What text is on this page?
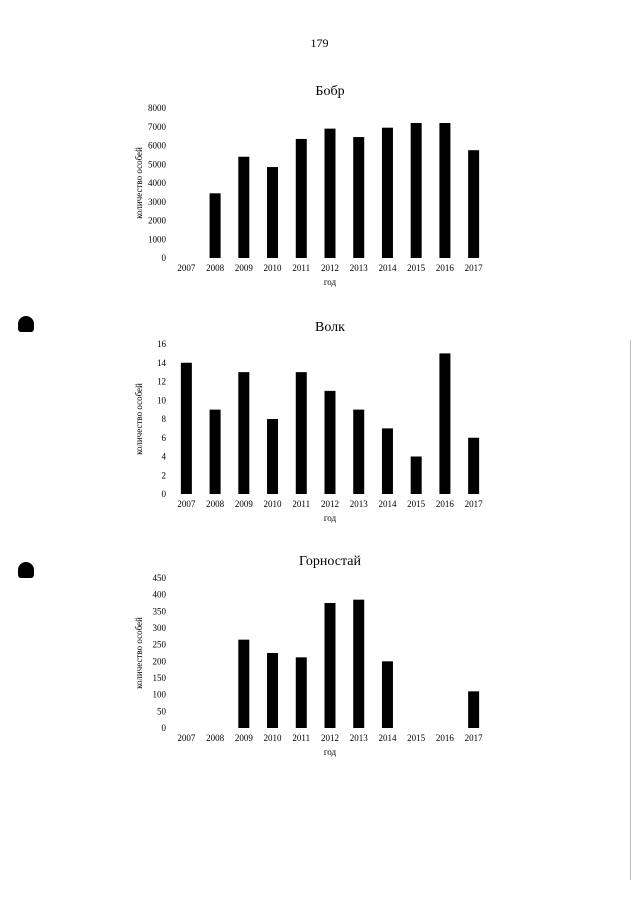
179
Бобр
0
1000
2000
3000
4000
5000
6000
7000
8000
количество особей
2007 2008 2009 2010 2011 2012 2013 2014 2015 2016 2017
год
Волк
0
2
4
6
8
10
12
14
16
количество особей
2007 2008 2009 2010 2011 2012 2013 2014 2015 2016 2017
год
Горностай
0
50
100
150
200
250
300
350
400
450
количество особей
2007 2008 2009 2010 2011 2012 2013 2014 2015 2016 2017
год
